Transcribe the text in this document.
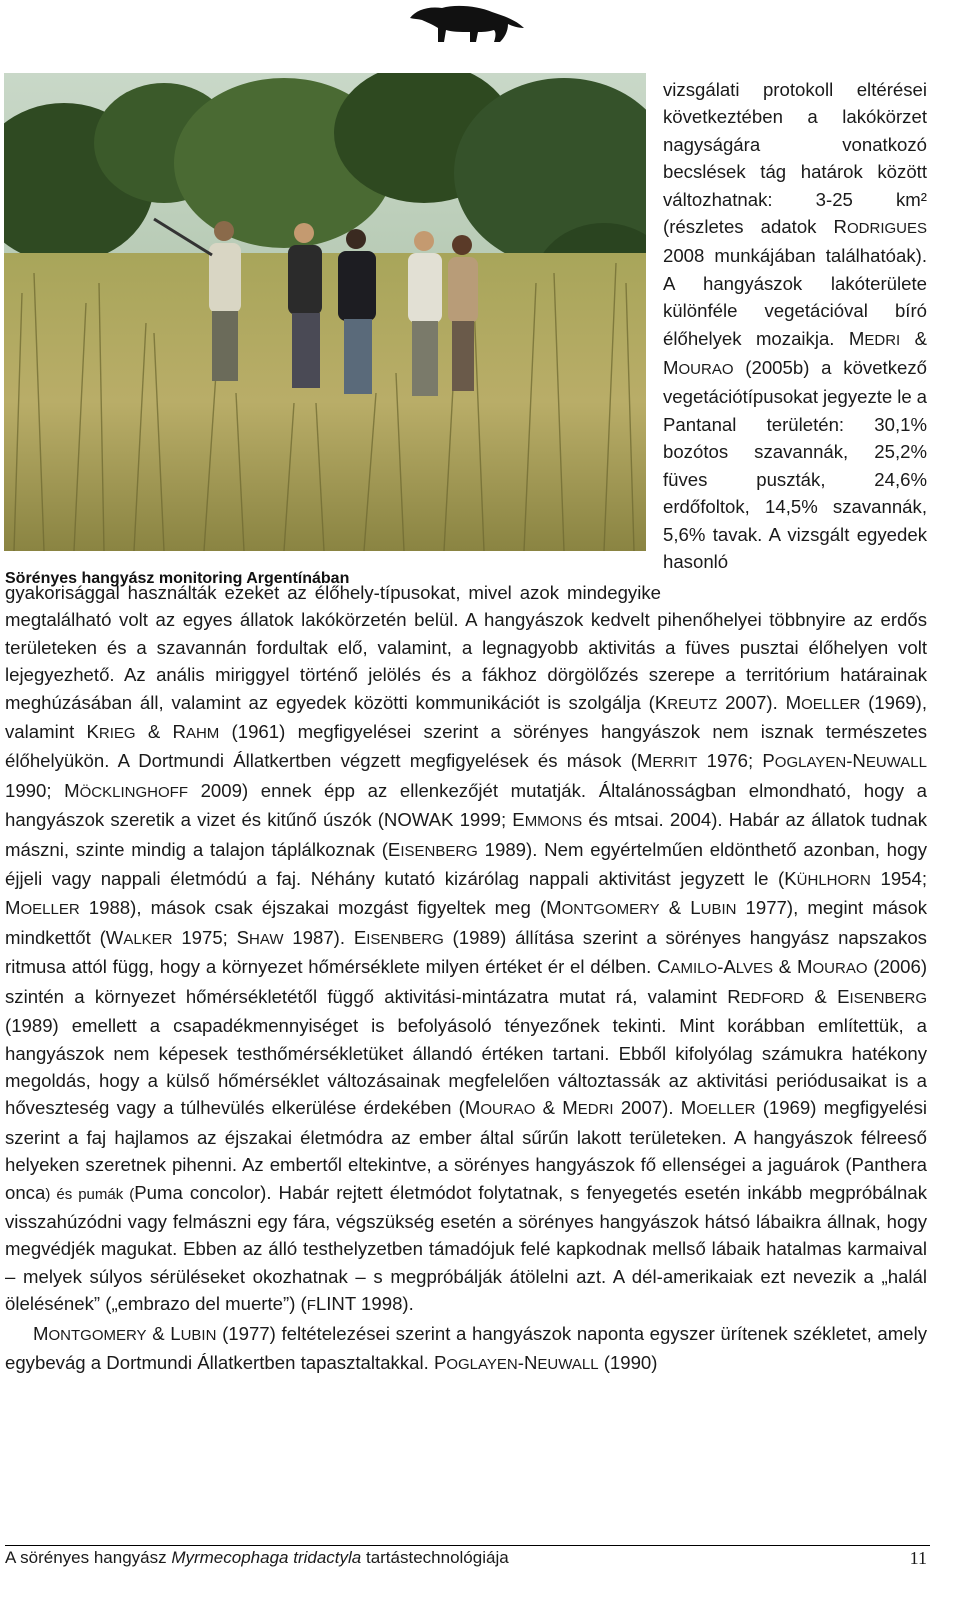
Sörényes hangyász monitoring Argentínában
vizsgálati protokoll eltérései következtében a lakókörzet nagyságára vonatkozó becslések tág határok között változhatnak: 3-25 km² (részletes adatok RODRIGUES 2008 munkájában találhatóak). A hangyászok lakóterülete különféle vegetációval bíró élőhelyek mozaikja. MEDRI & MOURAO (2005b) a következő vegetációtípusokat jegyezte le a Pantanal területén: 30,1% bozótos szavannák, 25,2% füves puszták, 24,6% erdőfoltok, 14,5% szavannák, 5,6% tavak. A vizsgált egyedek hasonló

gyakorisággal használták ezeket az élőhely-típusokat, mivel azok mindegyike megtalálható volt az egyes állatok lakókörzetén belül. A hangyászok kedvelt pihenőhelyei többnyire az erdős területeken és a szavannán fordultak elő, valamint, a legnagyobb aktivitás a füves pusztai élőhelyen volt lejegyezhető. Az anális miriggyel történő jelölés és a fákhoz dörgölőzés szerepe a territórium határainak meghúzásában áll, valamint az egyedek közötti kommunikációt is szolgálja (KREUTZ 2007). MOELLER (1969), valamint KRIEG & RAHM (1961) megfigyelései szerint a sörényes hangyászok nem isznak természetes élőhelyükön. A Dortmundi Állatkertben végzett megfigyelések és mások (MERRIT 1976; POGLAYEN-NEUWALL 1990; MÖCKLINGHOFF 2009) ennek épp az ellenkezőjét mutatják. Általánosságban elmondható, hogy a hangyászok szeretik a vizet és kitűnő úszók (NOWAK 1999; EMMONS és mtsai. 2004). Habár az állatok tudnak mászni, szinte mindig a talajon táplálkoznak (EISENBERG 1989). Nem egyértelműen eldönthető azonban, hogy éjjeli vagy nappali életmódú a faj. Néhány kutató kizárólag nappali aktivitást jegyzett le (KÜHLHORN 1954; MOELLER 1988), mások csak éjszakai mozgást figyeltek meg (MONTGOMERY & LUBIN 1977), megint mások mindkettőt (WALKER 1975; SHAW 1987). EISENBERG (1989) állítása szerint a sörényes hangyász napszakos ritmusa attól függ, hogy a környezet hőmérséklete milyen értéket ér el délben. CAMILO-ALVES & MOURAO (2006) szintén a környezet hőmérsékletétől függő aktivitási-mintázatra mutat rá, valamint REDFORD & EISENBERG (1989) emellett a csapadékmennyiséget is befolyásoló tényezőnek tekinti. Mint korábban említettük, a hangyászok nem képesek testhőmérsékletüket állandó értéken tartani. Ebből kifolyólag számukra hatékony megoldás, hogy a külső hőmérséklet változásainak megfelelően változtassák az aktivitási periódusaikat is a hőveszteség vagy a túlhevülés elkerülése érdekében (MOURAO & MEDRI 2007). MOELLER (1969) megfigyelési szerint a faj hajlamos az éjszakai életmódra az ember által sűrűn lakott területeken. A hangyászok félreeső helyeken szeretnek pihenni. Az embertől eltekintve, a sörényes hangyászok fő ellenségei a jaguárok (Panthera onca) és pumák (Puma concolor). Habár rejtett életmódot folytatnak, s fenyegetés esetén inkább megpróbálnak visszahúzódni vagy felmászni egy fára, végszükség esetén a sörényes hangyászok hátsó lábaikra állnak, hogy megvédjék magukat. Ebben az álló testhelyzetben támadójuk felé kapkodnak mellső lábaik hatalmas karmaival – melyek súlyos sérüléseket okozhatnak – s megpróbálják átölelni azt. A dél-amerikaiak ezt nevezik a „halál ölelésének” („embrazo del muerte”) (FLINT 1998).

MONTGOMERY & LUBIN (1977) feltételezései szerint a hangyászok naponta egyszer ürítenek székletet, amely egybevág a Dortmundi Állatkertben tapasztaltakkal. POGLAYEN-NEUWALL (1990)

A sörényes hangyász Myrmecophaga tridactyla tartástechnológiája	11
